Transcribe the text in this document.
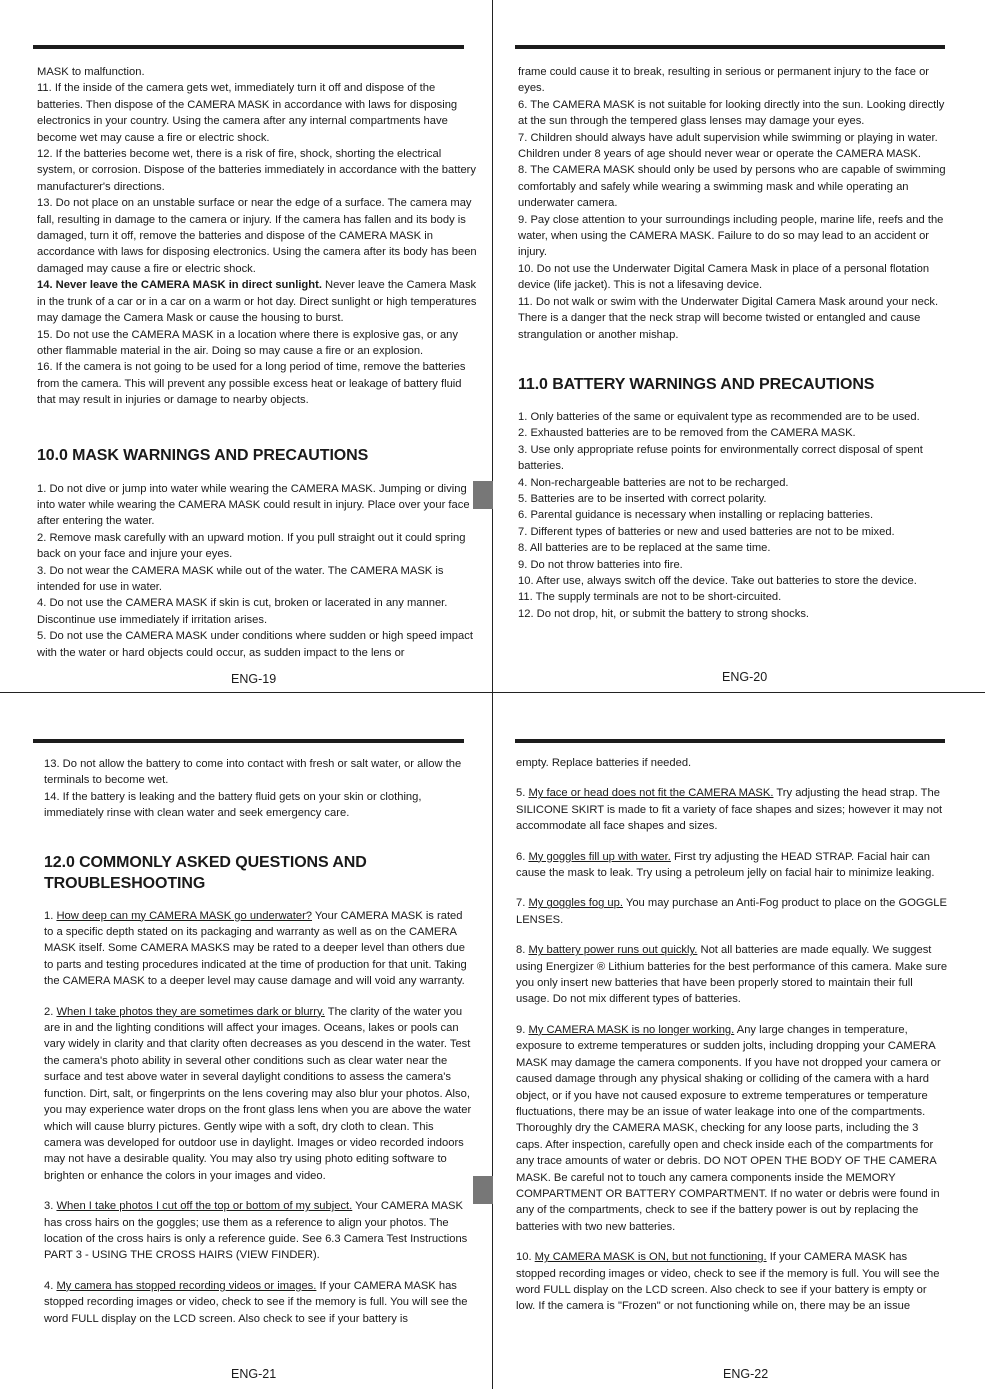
MASK to malfunction.

11. If the inside of the camera gets wet, immediately turn it off and dispose of the batteries. Then dispose of the CAMERA MASK in accordance with laws for disposing electronics in your country. Using the camera after any internal compartments have become wet may cause a fire or electric shock.

12. If the batteries become wet, there is a risk of fire, shock, shorting the electrical system, or corrosion. Dispose of the batteries immediately in accordance with the battery manufacturer's directions.

13. Do not place on an unstable surface or near the edge of a surface. The camera may fall, resulting in damage to the camera or injury. If the camera has fallen and its body is damaged, turn it off, remove the batteries and dispose of the CAMERA MASK in accordance with laws for disposing electronics. Using the camera after its body has been damaged may cause a fire or electric shock.

14. Never leave the CAMERA MASK in direct sunlight. Never leave the Camera Mask in the trunk of a car or in a car on a warm or hot day. Direct sunlight or high temperatures may damage the Camera Mask or cause the housing to burst.

15. Do not use the CAMERA MASK in a location where there is explosive gas, or any other flammable material in the air. Doing so may cause a fire or an explosion.

16. If the camera is not going to be used for a long period of time, remove the batteries from the camera. This will prevent any possible excess heat or leakage of battery fluid that may result in injuries or damage to nearby objects.

10.0 MASK WARNINGS AND PRECAUTIONS

1. Do not dive or jump into water while wearing the CAMERA MASK. Jumping or diving into water while wearing the CAMERA MASK could result in injury. Place over your face after entering the water.

2. Remove mask carefully with an upward motion. If you pull straight out it could spring back on your face and injure your eyes.

3. Do not wear the CAMERA MASK while out of the water. The CAMERA MASK is intended for use in water.

4. Do not use the CAMERA MASK if skin is cut, broken or lacerated in any manner. Discontinue use immediately if irritation arises.

5. Do not use the CAMERA MASK under conditions where sudden or high speed impact with the water or hard objects could occur, as sudden impact to the lens or

ENG-19

frame could cause it to break, resulting in serious or permanent injury to the face or eyes.

6. The CAMERA MASK is not suitable for looking directly into the sun. Looking directly at the sun through the tempered glass lenses may damage your eyes.

7. Children should always have adult supervision while swimming or playing in water. Children under 8 years of age should never wear or operate the CAMERA MASK.

8. The CAMERA MASK should only be used by persons who are capable of swimming comfortably and safely while wearing a swimming mask and while operating an underwater camera.

9. Pay close attention to your surroundings including people, marine life, reefs and the water, when using the CAMERA MASK. Failure to do so may lead to an accident or injury.

10. Do not use the Underwater Digital Camera Mask in place of a personal flotation device (life jacket). This is not a lifesaving device.

11. Do not walk or swim with the Underwater Digital Camera Mask around your neck. There is a danger that the neck strap will become twisted or entangled and cause strangulation or another mishap.

11.0 BATTERY WARNINGS AND PRECAUTIONS

1. Only batteries of the same or equivalent type as recommended are to be used.

2. Exhausted batteries are to be removed from the CAMERA MASK.

3. Use only appropriate refuse points for environmentally correct disposal of spent batteries.

4. Non-rechargeable batteries are not to be recharged.

5. Batteries are to be inserted with correct polarity.

6. Parental guidance is necessary when installing or replacing batteries.

7. Different types of batteries or new and used batteries are not to be mixed.

8. All batteries are to be replaced at the same time.

9. Do not throw batteries into fire.

10. After use, always switch off the device. Take out batteries to store the device.

11. The supply terminals are not to be short-circuited.

12. Do not drop, hit, or submit the battery to strong shocks.

ENG-20

13. Do not allow the battery to come into contact with fresh or salt water, or allow the terminals to become wet.

14. If the battery is leaking and the battery fluid gets on your skin or clothing, immediately rinse with clean water and seek emergency care.

12.0 COMMONLY ASKED QUESTIONS AND
TROUBLESHOOTING

1. How deep can my CAMERA MASK go underwater? Your CAMERA MASK is rated to a specific depth stated on its packaging and warranty as well as on the CAMERA MASK itself. Some CAMERA MASKS may be rated to a deeper level than others due to parts and testing procedures indicated at the time of production for that unit. Taking the CAMERA MASK to a deeper level may cause damage and will void any warranty.

2. When I take photos they are sometimes dark or blurry. The clarity of the water you are in and the lighting conditions will affect your images. Oceans, lakes or pools can vary widely in clarity and that clarity often decreases as you descend in the water. Test the camera's photo ability in several other conditions such as clear water near the surface and test above water in several daylight conditions to assess the camera's function. Dirt, salt, or fingerprints on the lens covering may also blur your photos. Also, you may experience water drops on the front glass lens when you are above the water which will cause blurry pictures. Gently wipe with a soft, dry cloth to clean. This camera was developed for outdoor use in daylight. Images or video recorded indoors may not have a desirable quality. You may also try using photo editing software to brighten or enhance the colors in your images and video.

3. When I take photos I cut off the top or bottom of my subject. Your CAMERA MASK has cross hairs on the goggles; use them as a reference to align your photos. The location of the cross hairs is only a reference guide. See 6.3 Camera Test Instructions PART 3 - USING THE CROSS HAIRS (VIEW FINDER).

4. My camera has stopped recording videos or images. If your CAMERA MASK has stopped recording images or video, check to see if the memory is full. You will see the word FULL display on the LCD screen. Also check to see if your battery is

ENG-21

empty. Replace batteries if needed.

5. My face or head does not fit the CAMERA MASK. Try adjusting the head strap. The SILICONE SKIRT is made to fit a variety of face shapes and sizes; however it may not accommodate all face shapes and sizes.

6. My goggles fill up with water. First try adjusting the HEAD STRAP. Facial hair can cause the mask to leak. Try using a petroleum jelly on facial hair to minimize leaking.

7. My goggles fog up. You may purchase an Anti-Fog product to place on the GOGGLE LENSES.

8. My battery power runs out quickly. Not all batteries are made equally. We suggest using Energizer ® Lithium batteries for the best performance of this camera. Make sure you only insert new batteries that have been properly stored to maintain their full usage. Do not mix different types of batteries.

9. My CAMERA MASK is no longer working. Any large changes in temperature, exposure to extreme temperatures or sudden jolts, including dropping your CAMERA MASK may damage the camera components. If you have not dropped your camera or caused damage through any physical shaking or colliding of the camera with a hard object, or if you have not caused exposure to extreme temperatures or temperature fluctuations, there may be an issue of water leakage into one of the compartments. Thoroughly dry the CAMERA MASK, checking for any loose parts, including the 3 caps. After inspection, carefully open and check inside each of the compartments for any trace amounts of water or debris. DO NOT OPEN THE BODY OF THE CAMERA MASK. Be careful not to touch any camera components inside the MEMORY COMPARTMENT OR BATTERY COMPARTMENT. If no water or debris were found in any of the compartments, check to see if the battery power is out by replacing the batteries with two new batteries.

10. My CAMERA MASK is ON, but not functioning. If your CAMERA MASK has stopped recording images or video, check to see if the memory is full. You will see the word FULL display on the LCD screen. Also check to see if your battery is empty or low. If the camera is "Frozen" or not functioning while on, there may be an issue

ENG-22
